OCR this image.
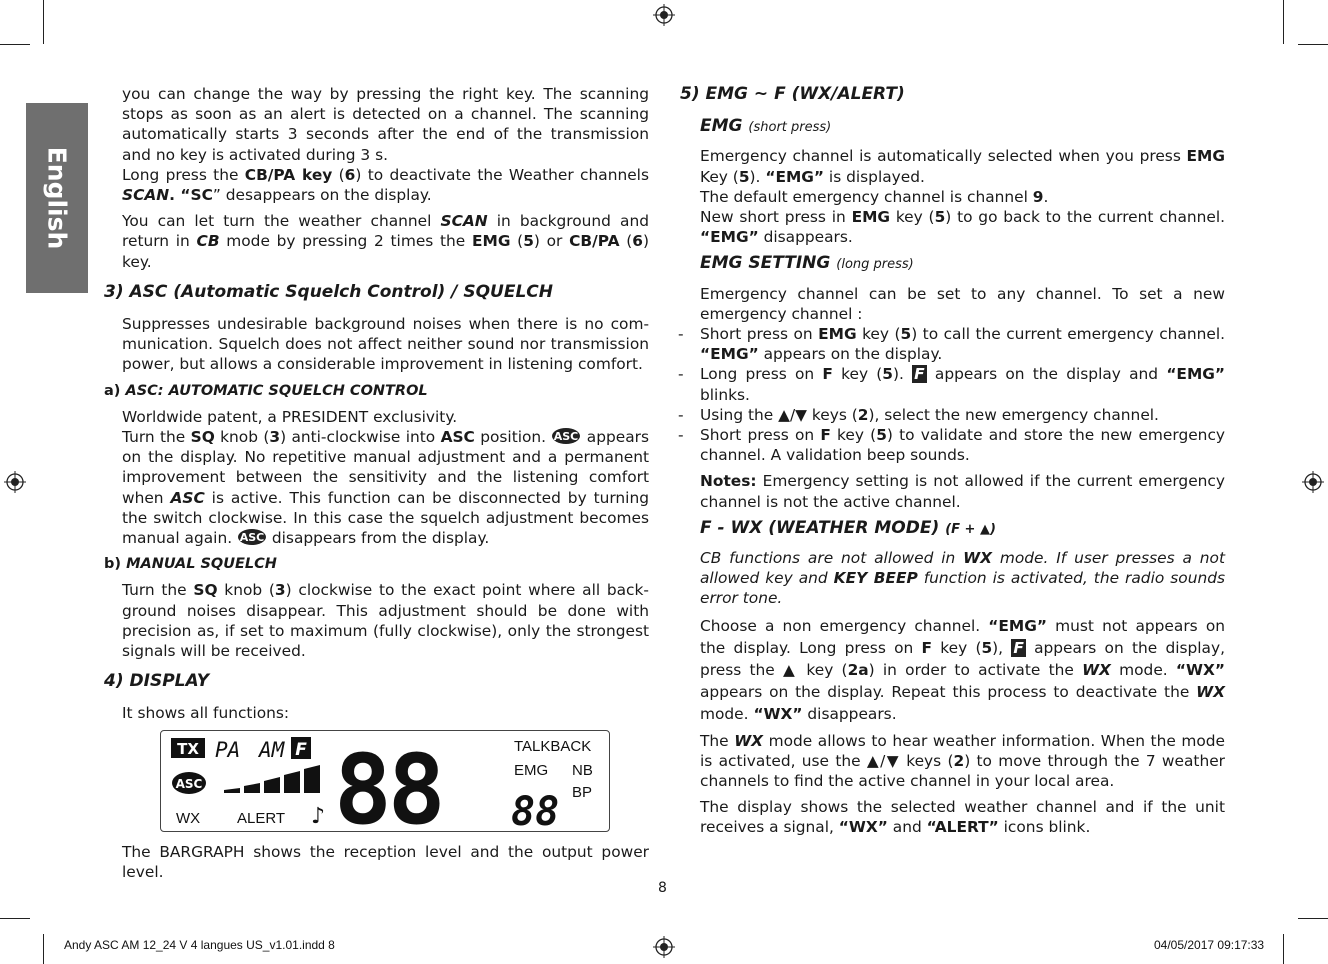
English

you can change the way by pressing the right key. The scanning stops as soon as an alert is detected on a channel. The scanning automatically starts 3 seconds after the end of the transmission and no key is activated during 3 s.

Long press the CB/PA key (6) to deactivate the Weather channels SCAN. “SC” desappears on the display.

You can let turn the weather channel SCAN in background and return in CB mode by pressing 2 times the EMG (5) or CB/PA (6) key.

3) ASC (Automatic Squelch Control) / SQUELCH

Suppresses undesirable background noises when there is no com-munication. Squelch does not affect neither sound nor transmission power, but allows a considerable improvement in listening comfort.

a) ASC: AUTOMATIC SQUELCH CONTROL

Worldwide patent, a PRESIDENT exclusivity.

Turn the SQ knob (3) anti-clockwise into ASC position. ASC appears on the display. No repetitive manual adjustment and a permanent improvement between the sensitivity and the listening comfort when ASC is active. This function can be disconnected by turning the switch clockwise. In this case the squelch adjustment becomes manual again. ASC disappears from the display.

b) MANUAL SQUELCH

Turn the SQ knob (3) clockwise to the exact point where all back-ground noises disappear. This adjustment should be done with precision as, if set to maximum (fully clockwise), only the strongest signals will be received.

4) DISPLAY

It shows all functions:

TX PA AM F
ASC
WX ALERT ♪ 88	TALKBACK
EMG NB
BP
88

The BARGRAPH shows the reception level and the output power level.

5) EMG ~ F (WX/ALERT)

EMG (short press)

Emergency channel is automatically selected when you press EMG Key (5). “EMG” is displayed.

The default emergency channel is channel 9.

New short press in EMG key (5) to go back to the current channel. “EMG” disappears.

EMG SETTING (long press)

Emergency channel can be set to any channel. To set a new emergency channel :

- Short press on EMG key (5) to call the current emergency channel. “EMG” appears on the display.
- Long press on F key (5). F appears on the display and “EMG” blinks.
- Using the ▲/▼ keys (2), select the new emergency channel.
- Short press on F key (5) to validate and store the new emergency channel. A validation beep sounds.

Notes: Emergency setting is not allowed if the current emergency channel is not the active channel.

F - WX (WEATHER MODE) (F + ▲)

CB functions are not allowed in WX mode. If user presses a not allowed key and KEY BEEP function is activated, the radio sounds error tone.

Choose a non emergency channel. “EMG” must not appears on the display. Long press on F key (5), F appears on the display, press the ▲ key (2a) in order to activate the WX mode. “WX” appears on the display. Repeat this process to deactivate the WX mode. “WX” disappears.

The WX mode allows to hear weather information. When the mode is activated, use the ▲/▼ keys (2) to move through the 7 weather channels to find the active channel in your local area.

The display shows the selected weather channel and if the unit receives a signal, “WX” and “ALERT” icons blink.

8
Andy ASC AM 12_24 V 4 langues US_v1.01.indd 8	04/05/2017 09:17:33
